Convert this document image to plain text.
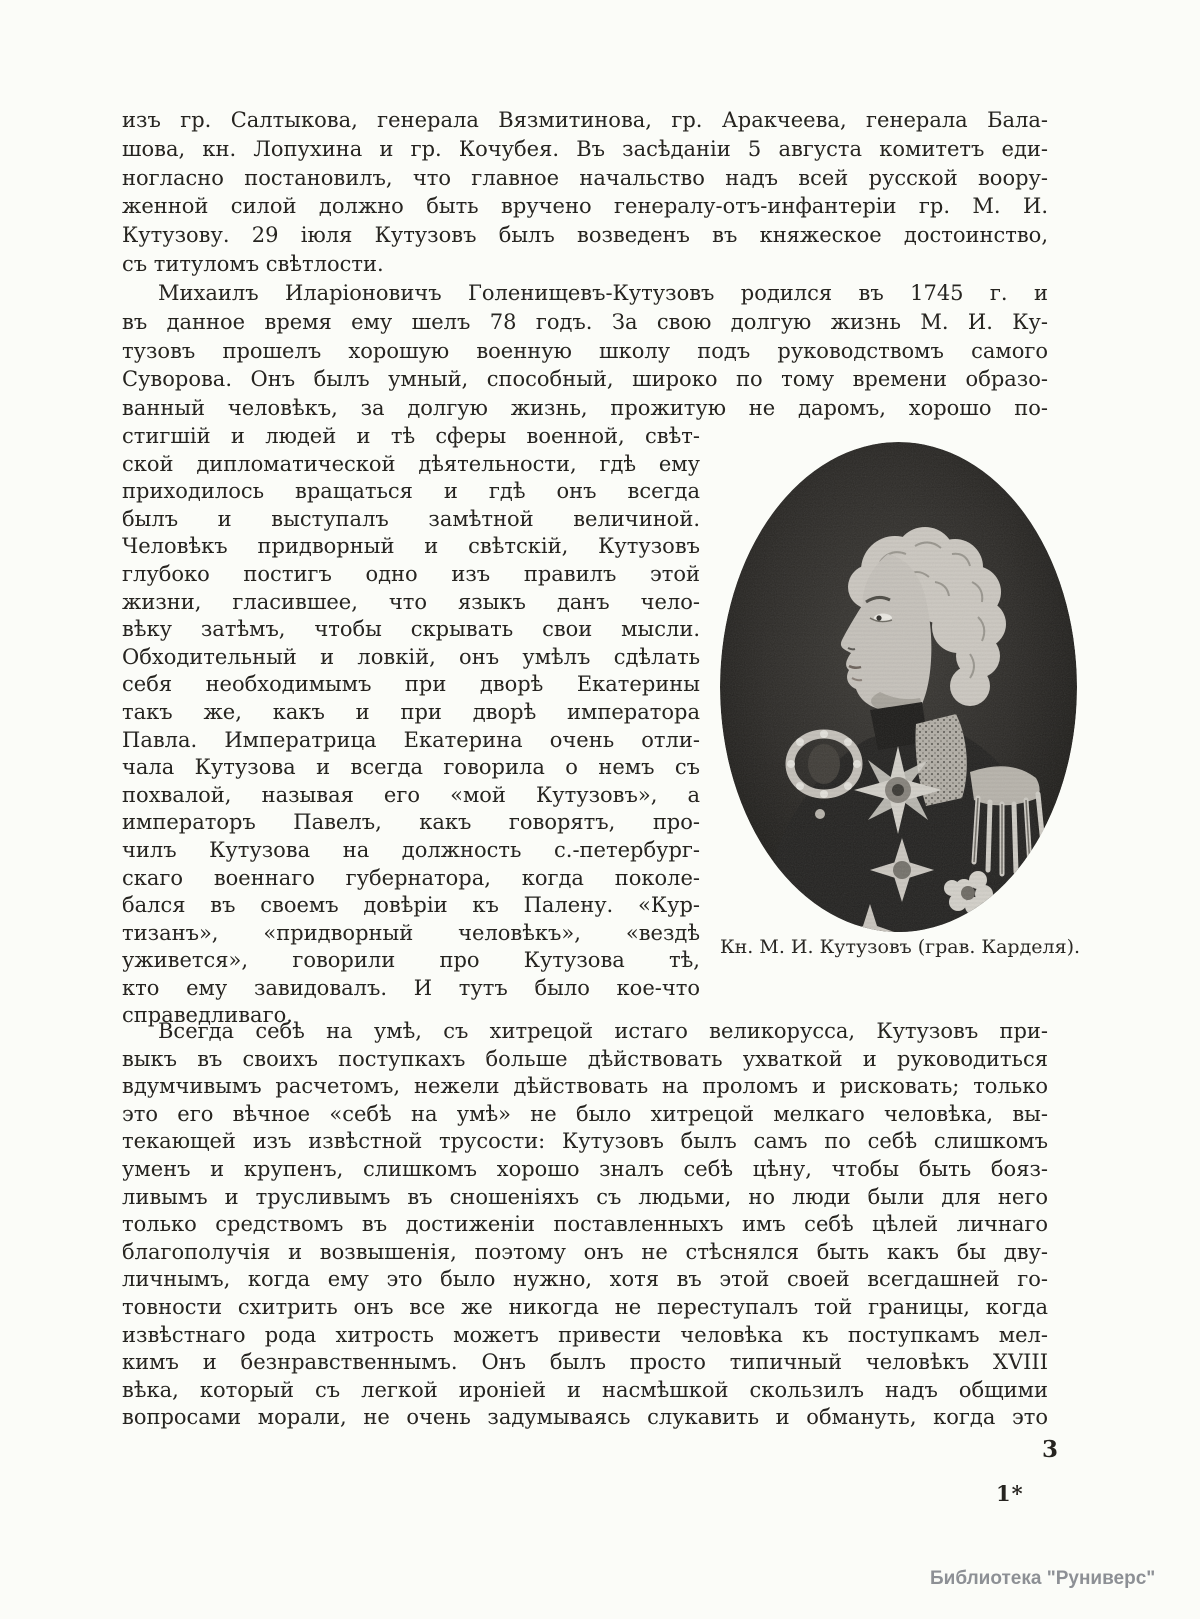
изъ гр. Салтыкова, генерала Вязмитинова, гр. Аракчеева, генерала Бала-
шова, кн. Лопухина и гр. Кочубея. Въ засѣданіи 5 августа комитетъ еди-
ногласно постановилъ, что главное начальство надъ всей русской воору-
женной силой должно быть вручено генералу-отъ-инфантеріи гр. М. И.
Кутузову. 29 іюля Кутузовъ былъ возведенъ въ княжеское достоинство,
съ титуломъ свѣтлости.
Михаилъ Иларіоновичъ Голенищевъ-Кутузовъ родился въ 1745 г. и
въ данное время ему шелъ 78 годъ. За свою долгую жизнь М. И. Ку-
тузовъ прошелъ хорошую военную школу подъ руководствомъ самого
Суворова. Онъ былъ умный, способный, широко по тому времени образо-
ванный человѣкъ, за долгую жизнь, прожитую не даромъ, хорошо по-
стигшій и людей и тѣ сферы военной, свѣт-
ской дипломатической дѣятельности, гдѣ ему
приходилось вращаться и гдѣ онъ всегда
былъ и выступалъ замѣтной величиной.
Человѣкъ придворный и свѣтскій, Кутузовъ
глубоко постигъ одно изъ правилъ этой
жизни, гласившее, что языкъ данъ чело-
вѣку затѣмъ, чтобы скрывать свои мысли.
Обходительный и ловкій, онъ умѣлъ сдѣлать
себя необходимымъ при дворѣ Екатерины
такъ же, какъ и при дворѣ императора
Павла. Императрица Екатерина очень отли-
чала Кутузова и всегда говорила о немъ съ
похвалой, называя его «мой Кутузовъ», а
императоръ Павелъ, какъ говорятъ, про-
чилъ Кутузова на должность с.-петербург-
скаго военнаго губернатора, когда поколе-
бался въ своемъ довѣріи къ Палену. «Кур-
тизанъ», «придворный человѣкъ», «вездѣ
уживется», говорили про Кутузова тѣ,
кто ему завидовалъ. И тутъ было кое-что
справедливаго.
Кн. М. И. Кутузовъ (грав. Карделя).
Всегда себѣ на умѣ, съ хитрецой истаго великорусса, Кутузовъ при-
выкъ въ своихъ поступкахъ больше дѣйствовать ухваткой и руководиться
вдумчивымъ расчетомъ, нежели дѣйствовать на проломъ и рисковать; только
это его вѣчное «себѣ на умѣ» не было хитрецой мелкаго человѣка, вы-
текающей изъ извѣстной трусости: Кутузовъ былъ самъ по себѣ слишкомъ
уменъ и крупенъ, слишкомъ хорошо зналъ себѣ цѣну, чтобы быть бояз-
ливымъ и трусливымъ въ сношеніяхъ съ людьми, но люди были для него
только средствомъ въ достиженіи поставленныхъ имъ себѣ цѣлей личнаго
благополучія и возвышенія, поэтому онъ не стѣснялся быть какъ бы дву-
личнымъ, когда ему это было нужно, хотя въ этой своей всегдашней го-
товности схитрить онъ все же никогда не переступалъ той границы, когда
извѣстнаго рода хитрость можетъ привести человѣка къ поступкамъ мел-
кимъ и безнравственнымъ. Онъ былъ просто типичный человѣкъ XVIII
вѣка, который съ легкой ироніей и насмѣшкой скользилъ надъ общими
вопросами морали, не очень задумываясь слукавить и обмануть, когда это
3
1*
Библиотека "Руниверс"
